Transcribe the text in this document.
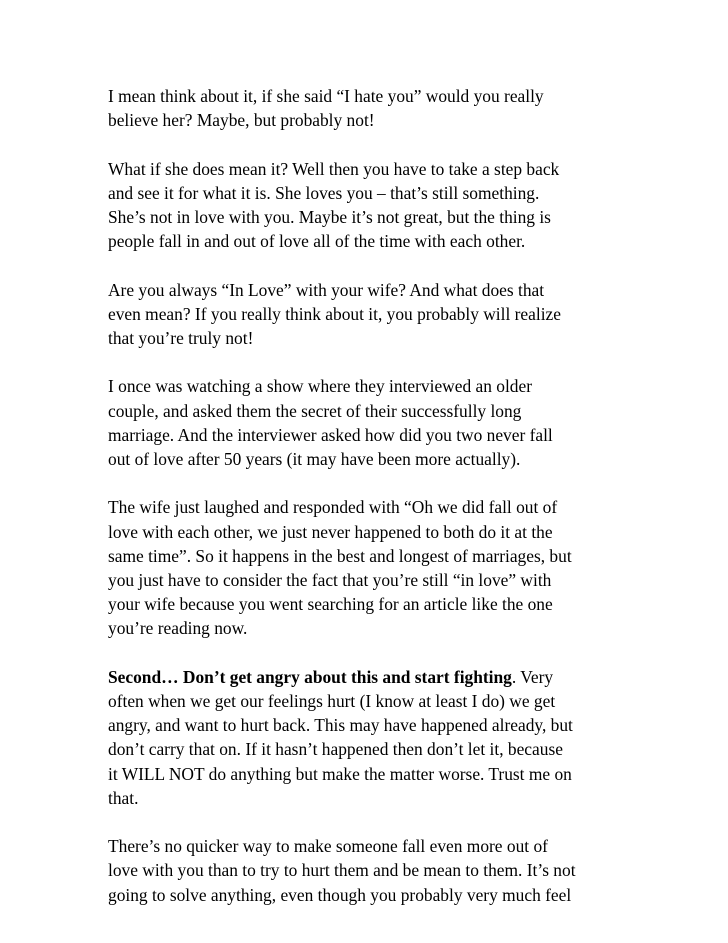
I mean think about it, if she said “I hate you” would you really
believe her? Maybe, but probably not!
What if she does mean it? Well then you have to take a step back
and see it for what it is. She loves you – that’s still something.
She’s not in love with you. Maybe it’s not great, but the thing is
people fall in and out of love all of the time with each other.
Are you always “In Love” with your wife? And what does that
even mean? If you really think about it, you probably will realize
that you’re truly not!
I once was watching a show where they interviewed an older
couple, and asked them the secret of their successfully long
marriage. And the interviewer asked how did you two never fall
out of love after 50 years (it may have been more actually).
The wife just laughed and responded with “Oh we did fall out of
love with each other, we just never happened to both do it at the
same time”. So it happens in the best and longest of marriages, but
you just have to consider the fact that you’re still “in love” with
your wife because you went searching for an article like the one
you’re reading now.
Second… Don’t get angry about this and start fighting. Very
often when we get our feelings hurt (I know at least I do) we get
angry, and want to hurt back. This may have happened already, but
don’t carry that on. If it hasn’t happened then don’t let it, because
it WILL NOT do anything but make the matter worse. Trust me on
that.
There’s no quicker way to make someone fall even more out of
love with you than to try to hurt them and be mean to them. It’s not
going to solve anything, even though you probably very much feel
